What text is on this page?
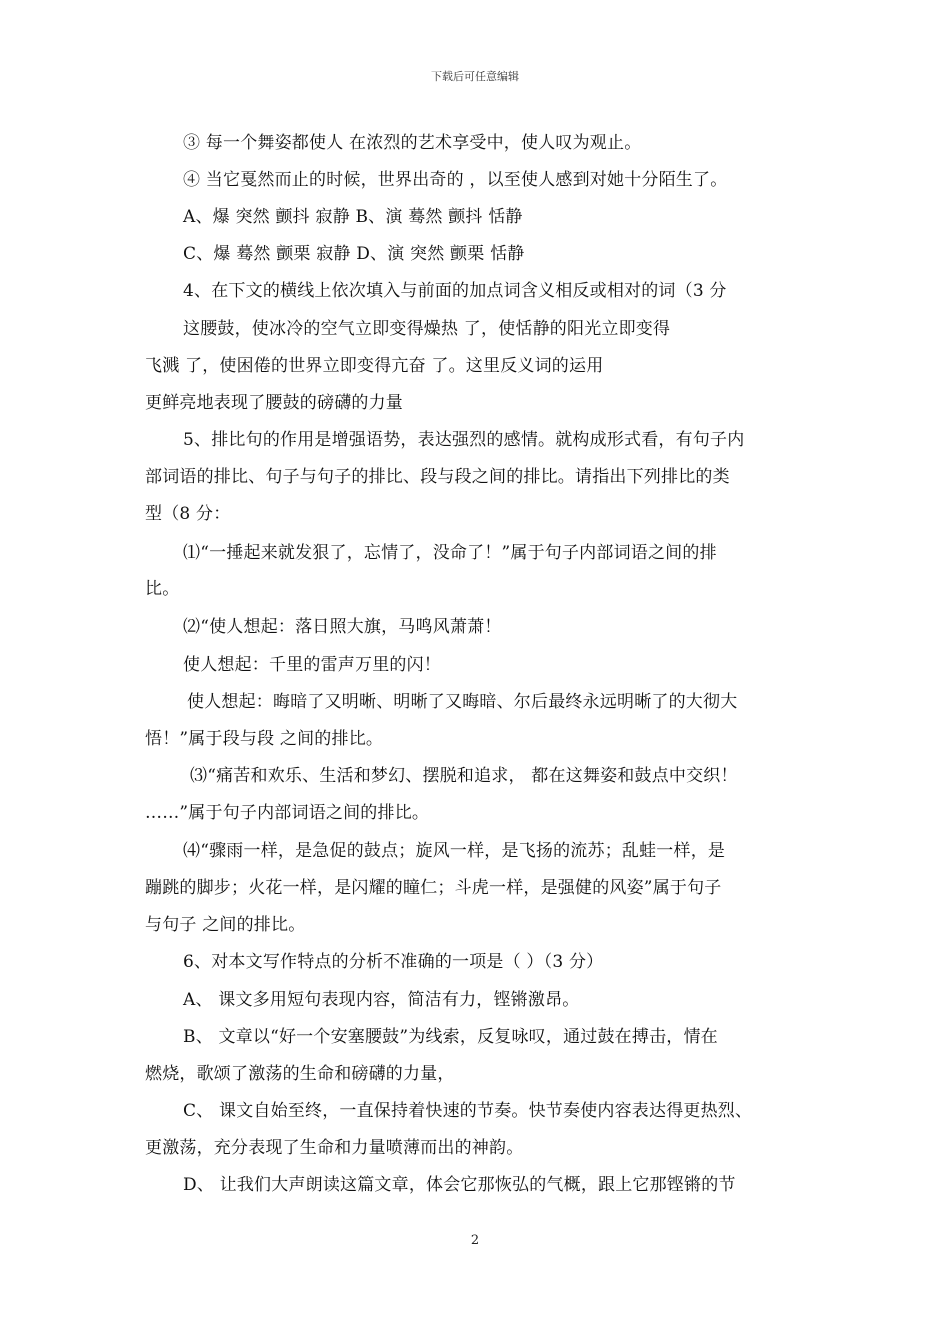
下载后可任意编辑
③ 每一个舞姿都使人 在浓烈的艺术享受中，使人叹为观止。
④ 当它戛然而止的时候，世界出奇的 ，以至使人感到对她十分陌生了。
A、爆 突然 颤抖 寂静 B、演 蓦然 颤抖 恬静
C、爆 蓦然 颤栗 寂静 D、演 突然 颤栗 恬静
4、在下文的横线上依次填入与前面的加点词含义相反或相对的词（3 分
这腰鼓，使冰冷的空气立即变得燥热 了，使恬静的阳光立即变得
飞溅 了，使困倦的世界立即变得亢奋 了。这里反义词的运用
更鲜亮地表现了腰鼓的磅礴的力量
5、排比句的作用是增强语势，表达强烈的感情。就构成形式看，有句子内
部词语的排比、句子与句子的排比、段与段之间的排比。请指出下列排比的类
型（8 分：
⑴“一捶起来就发狠了，忘情了，没命了！”属于句子内部词语之间的排
比。
⑵“使人想起：落日照大旗，马鸣风萧萧！
使人想起：千里的雷声万里的闪！
使人想起：晦暗了又明晰、明晰了又晦暗、尔后最终永远明晰了的大彻大
悟！”属于段与段 之间的排比。
⑶“痛苦和欢乐、生活和梦幻、摆脱和追求， 都在这舞姿和鼓点中交织！
……”属于句子内部词语之间的排比。
⑷“骤雨一样，是急促的鼓点；旋风一样，是飞扬的流苏；乱蛙一样，是
蹦跳的脚步；火花一样，是闪耀的瞳仁；斗虎一样，是强健的风姿”属于句子
与句子 之间的排比。
6、对本文写作特点的分析不准确的一项是（ ）（3 分）
A、 课文多用短句表现内容，简洁有力，铿锵激昂。
B、 文章以“好一个安塞腰鼓”为线索，反复咏叹，通过鼓在搏击，情在
燃烧，歌颂了激荡的生命和磅礴的力量，
C、 课文自始至终，一直保持着快速的节奏。快节奏使内容表达得更热烈、
更激荡，充分表现了生命和力量喷薄而出的神韵。
D、 让我们大声朗读这篇文章，体会它那恢弘的气概，跟上它那铿锵的节
2
